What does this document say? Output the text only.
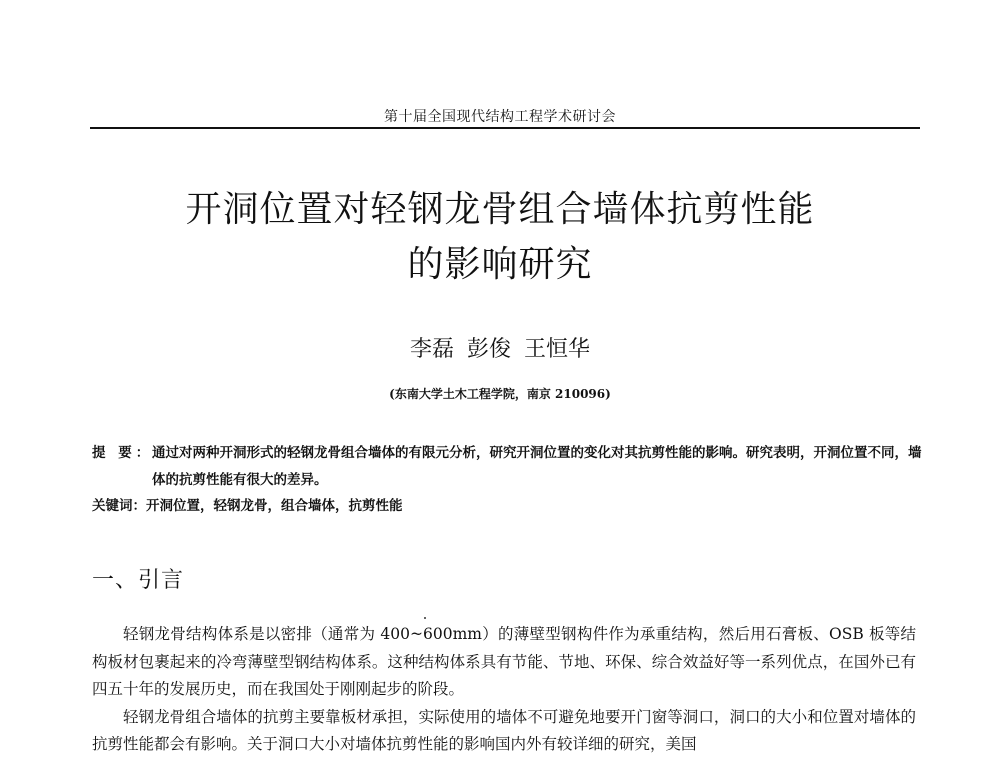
第十届全国现代结构工程学术研讨会
开洞位置对轻钢龙骨组合墙体抗剪性能
的影响研究
李磊 彭俊 王恒华
(东南大学土木工程学院，南京 210096)
提 要：
通过对两种开洞形式的轻钢龙骨组合墙体的有限元分析，研究开洞位置的变化对其抗剪性能的影响。研究表明，开洞位置不同，墙体的抗剪性能有很大的差异。
关键词：开洞位置，轻钢龙骨，组合墙体，抗剪性能
一、引言

轻钢龙骨结构体系是以密排（通常为 400~600mm）的薄壁型钢构件作为承重结构，然后用石膏板、OSB 板等结构板材包裹起来的冷弯薄壁型钢结构体系。这种结构体系具有节能、节地、环保、综合效益好等一系列优点，在国外已有四五十年的发展历史，而在我国处于刚刚起步的阶段。

轻钢龙骨组合墙体的抗剪主要靠板材承担，实际使用的墙体不可避免地要开门窗等洞口，洞口的大小和位置对墙体的抗剪性能都会有影响。关于洞口大小对墙体抗剪性能的影响国内外有较详细的研究，美国
